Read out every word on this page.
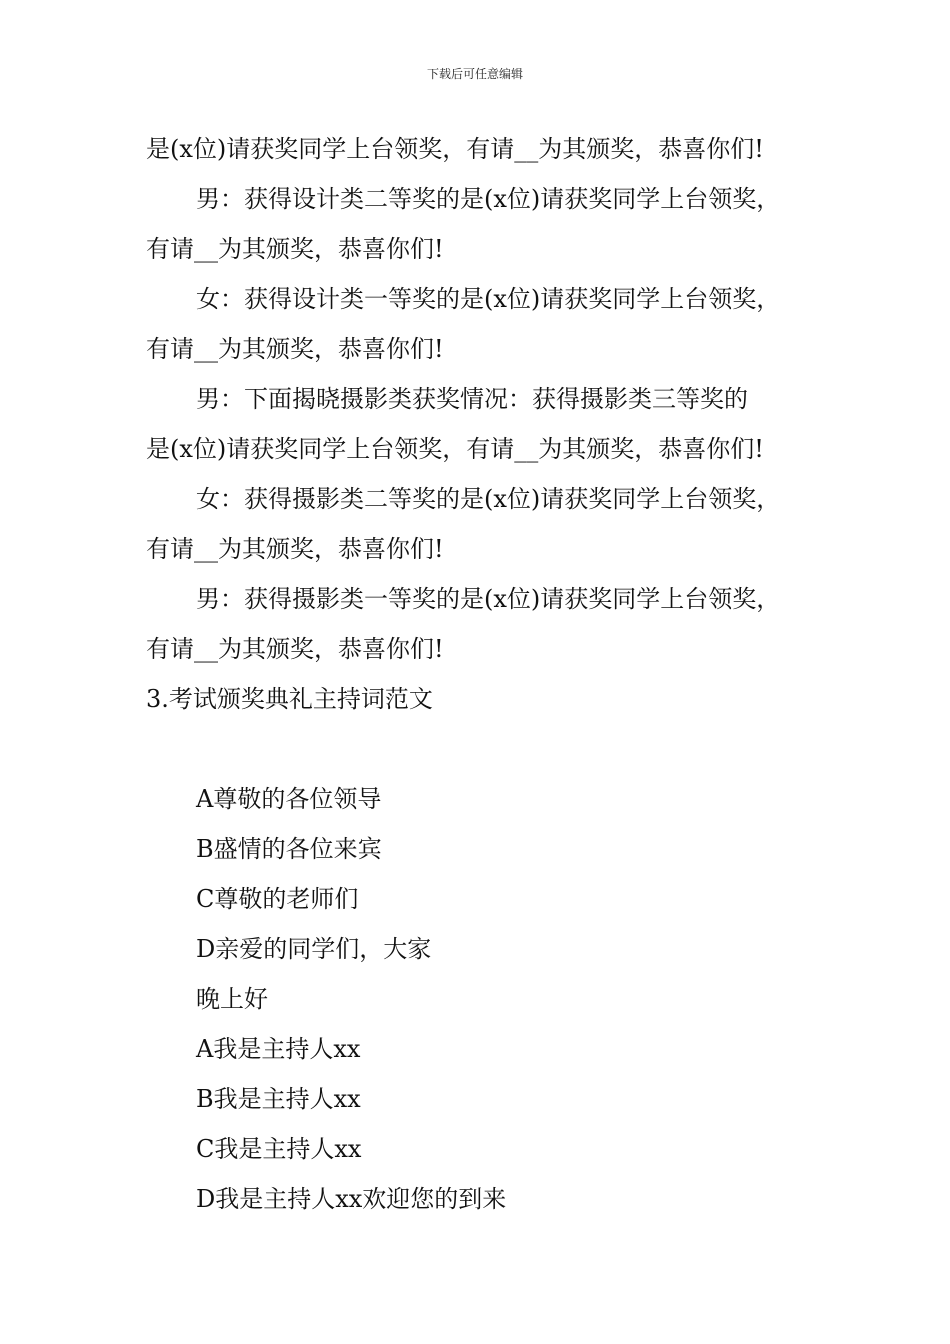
下载后可任意编辑
是(x位)请获奖同学上台领奖，有请__为其颁奖，恭喜你们!
男：获得设计类二等奖的是(x位)请获奖同学上台领奖，
有请__为其颁奖，恭喜你们!
女：获得设计类一等奖的是(x位)请获奖同学上台领奖，
有请__为其颁奖，恭喜你们!
男：下面揭晓摄影类获奖情况：获得摄影类三等奖的
是(x位)请获奖同学上台领奖，有请__为其颁奖，恭喜你们!
女：获得摄影类二等奖的是(x位)请获奖同学上台领奖，
有请__为其颁奖，恭喜你们!
男：获得摄影类一等奖的是(x位)请获奖同学上台领奖，
有请__为其颁奖，恭喜你们!
3.考试颁奖典礼主持词范文
A尊敬的各位领导
B盛情的各位来宾
C尊敬的老师们
D亲爱的同学们，大家
晚上好
A我是主持人xx
B我是主持人xx
C我是主持人xx
D我是主持人xx欢迎您的到来
